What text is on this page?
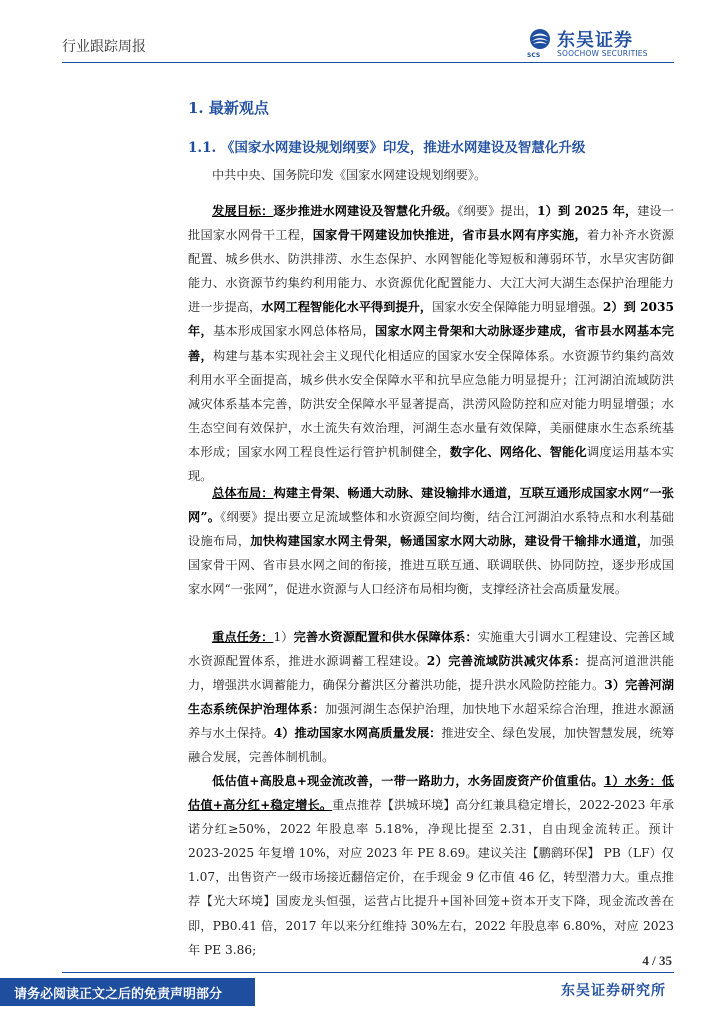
行业跟踪周报
SCS
东吴证券
SOOCHOW SECURITIES
1. 最新观点
1.1. 《国家水网建设规划纲要》印发，推进水网建设及智慧化升级
中共中央、国务院印发《国家水网建设规划纲要》。
发展目标：逐步推进水网建设及智慧化升级。《纲要》提出，1）到 2025 年，建设一批国家水网骨干工程，国家骨干网建设加快推进，省市县水网有序实施，着力补齐水资源配置、城乡供水、防洪排涝、水生态保护、水网智能化等短板和薄弱环节，水旱灾害防御能力、水资源节约集约利用能力、水资源优化配置能力、大江大河大湖生态保护治理能力进一步提高，水网工程智能化水平得到提升，国家水安全保障能力明显增强。2）到 2035 年，基本形成国家水网总体格局，国家水网主骨架和大动脉逐步建成，省市县水网基本完善，构建与基本实现社会主义现代化相适应的国家水安全保障体系。水资源节约集约高效利用水平全面提高，城乡供水安全保障水平和抗旱应急能力明显提升；江河湖泊流域防洪减灾体系基本完善，防洪安全保障水平显著提高，洪涝风险防控和应对能力明显增强；水生态空间有效保护，水土流失有效治理，河湖生态水量有效保障，美丽健康水生态系统基本形成；国家水网工程良性运行管护机制健全，数字化、网络化、智能化调度运用基本实现。
总体布局：构建主骨架、畅通大动脉、建设输排水通道，互联互通形成国家水网“一张网”。《纲要》提出要立足流域整体和水资源空间均衡，结合江河湖泊水系特点和水利基础设施布局，加快构建国家水网主骨架，畅通国家水网大动脉，建设骨干输排水通道，加强国家骨干网、省市县水网之间的衔接，推进互联互通、联调联供、协同防控，逐步形成国家水网“一张网”，促进水资源与人口经济布局相均衡，支撑经济社会高质量发展。
重点任务：1）完善水资源配置和供水保障体系：实施重大引调水工程建设、完善区域水资源配置体系，推进水源调蓄工程建设。2）完善流域防洪减灾体系：提高河道泄洪能力，增强洪水调蓄能力，确保分蓄洪区分蓄洪功能，提升洪水风险防控能力。3）完善河湖生态系统保护治理体系：加强河湖生态保护治理，加快地下水超采综合治理，推进水源涵养与水土保持。4）推动国家水网高质量发展：推进安全、绿色发展，加快智慧发展，统筹融合发展，完善体制机制。
低估值+高股息+现金流改善，一带一路助力，水务固废资产价值重估。1）水务：低估值+高分红+稳定增长。重点推荐【洪城环境】高分红兼具稳定增长，2022-2023 年承诺分红≥50%，2022 年股息率 5.18%，净现比提至 2.31，自由现金流转正。预计 2023-2025 年复增 10%，对应 2023 年 PE 8.69。建议关注【鹏鹞环保】 PB（LF）仅 1.07，出售资产一级市场接近翻倍定价，在手现金 9 亿市值 46 亿，转型潜力大。重点推荐【光大环境】国废龙头恒强，运营占比提升+国补回笼+资本开支下降，现金流改善在即，PB0.41 倍，2017 年以来分红维持 30%左右，2022 年股息率 6.80%，对应 2023 年 PE 3.86;
4 / 35
请务必阅读正文之后的免责声明部分	东吴证券研究所
